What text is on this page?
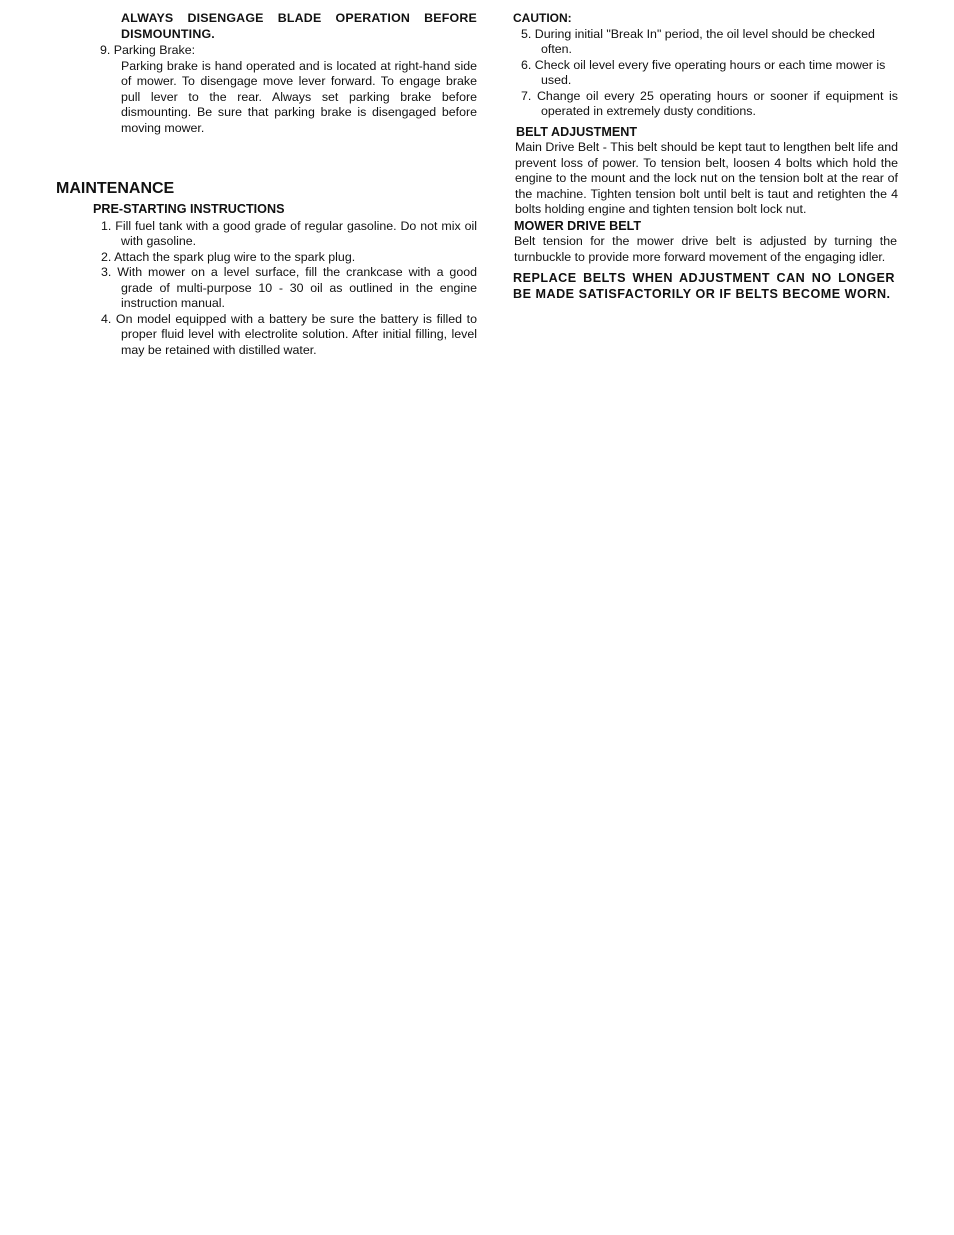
ALWAYS DISENGAGE BLADE OPERATION BEFORE DISMOUNTING.

9. Parking Brake:

Parking brake is hand operated and is located at right-hand side of mower. To disengage move lever forward. To engage brake pull lever to the rear. Always set parking brake before dismounting. Be sure that parking brake is disengaged before moving mower.

MAINTENANCE
PRE-STARTING INSTRUCTIONS

1. Fill fuel tank with a good grade of regular gasoline. Do not mix oil with gasoline.

2. Attach the spark plug wire to the spark plug.

3. With mower on a level surface, fill the crankcase with a good grade of multi-purpose 10 - 30 oil as outlined in the engine instruction manual.

4. On model equipped with a battery be sure the battery is filled to proper fluid level with electrolite solution. After initial filling, level may be retained with distilled water.

CAUTION:

5. During initial "Break In" period, the oil level should be checked often.

6. Check oil level every five operating hours or each time mower is used.

7. Change oil every 25 operating hours or sooner if equipment is operated in extremely dusty conditions.

BELT ADJUSTMENT

Main Drive Belt - This belt should be kept taut to lengthen belt life and prevent loss of power. To tension belt, loosen 4 bolts which hold the engine to the mount and the lock nut on the tension bolt at the rear of the machine. Tighten tension bolt until belt is taut and retighten the 4 bolts holding engine and tighten tension bolt lock nut.

MOWER DRIVE BELT

Belt tension for the mower drive belt is adjusted by turning the turnbuckle to provide more forward movement of the engaging idler.

REPLACE BELTS WHEN ADJUSTMENT CAN NO LONGER BE MADE SATISFACTORILY OR IF BELTS BECOME WORN.
